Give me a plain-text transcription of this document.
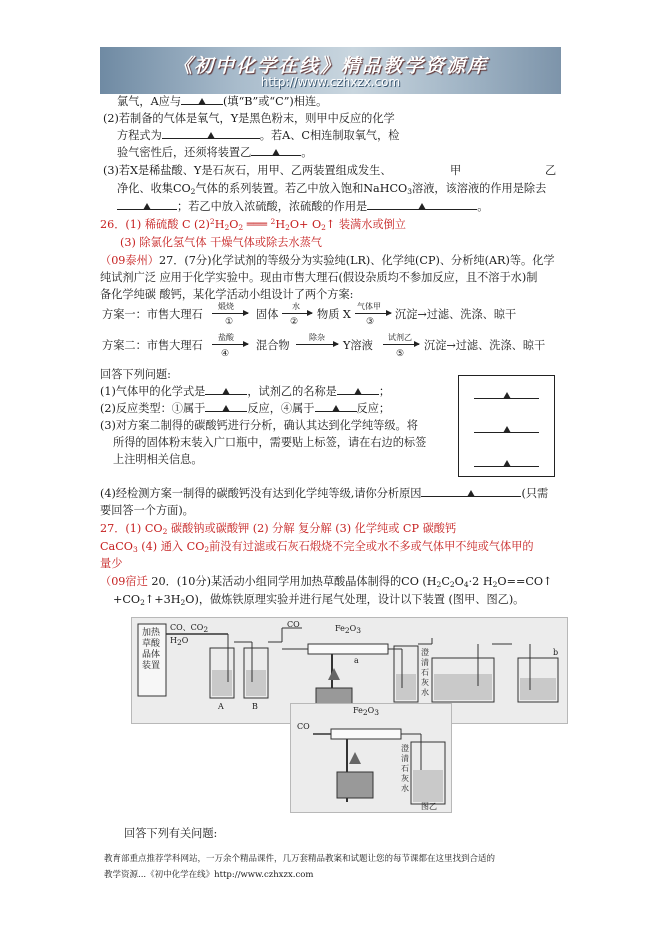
《初中化学在线》精品教学资源库
http://www.czhxzx.com
氯气，A应与	(填“B”或“C”)相连。
(2)若制备的气体是氧气，Y是黑色粉末，则甲中反应的化学
方程式为	。若A、C相连制取氧气，检
验气密性后，还须将装置乙	。
(3)若X是稀盐酸、Y是石灰石，用甲、乙两装置组成发生、	甲	乙
净化、收集$CO_2$气体的系列装置。若乙中放入饱和NaHCO$_3$溶液，该溶液的作用是除去
；若乙中放入浓硫酸，浓硫酸的作用是	。
26．(1) 稀硫酸 C $(2)^2H_2O_2$ ═══ $^2H_2O+$ $O_2↑$ 装满水或倒立
(3) 除氯化氢气体 干燥气体或除去水蒸气
（09泰州）27．(7分)化学试剂的等级分为实验纯(LR)、化学纯(CP)、分析纯(AR)等。化学
纯试剂广泛 应用于化学实验中。现由市售大理石(假设杂质均不参加反应，且不溶于水)制
备化学纯碳 酸钙，某化学活动小组设计了两个方案:
方案一：市售大理石
煅烧
①
固体
水
②
物质 X
气体甲
③
沉淀→过滤、洗涤、晾干
方案二：市售大理石
盐酸
④
混合物
除杂
Y溶液
试剂乙
⑤
沉淀→过滤、洗涤、晾干
回答下列问题:
(1)气体甲的化学式是	，试剂乙的名称是	；
(2)反应类型：①属于	反应，④属于	反应；
(3)对方案二制得的碳酸钙进行分析，确认其达到化学纯等级。将
所得的固体粉末装入广口瓶中，需要贴上标签，请在右边的标签
上注明相关信息。
(4)经检测方案一制得的碳酸钙没有达到化学纯等级,请你分析原因	(只需
要回答一个方面)。
27．(1) $CO_2$ 碳酸钠或碳酸钾 (2) 分解 复分解 (3) 化学纯或 CP 碳酸钙
CaCO$_3$ (4) 通入 $CO_2$前没有过滤或石灰石煅烧不完全或水不多或气体甲不纯或气体甲的
量少
（09宿迁 20．(10分)某活动小组同学用加热草酸晶体制得的CO ($H_2C_2O_4\cdot 2$ $H_2O==CO↑$
$+CO_2↑+3H_2O$)，做炼铁原理实验并进行尾气处理，设计以下装置 (图甲、图乙)。
加热草酸晶体装置
CO、$CO_2$
$H_2O$
A	B
CO	$Fe_2O_3$
a
澄清石灰水
b
CO
$Fe_2O_3$
澄清石灰水
图乙
回答下列有关问题:
教育部重点推荐学科网站，一万余个精品课件，几万套精品教案和试题让您的每节课都在这里找到合适的
教学资源...《初中化学在线》http://www.czhxzx.com
